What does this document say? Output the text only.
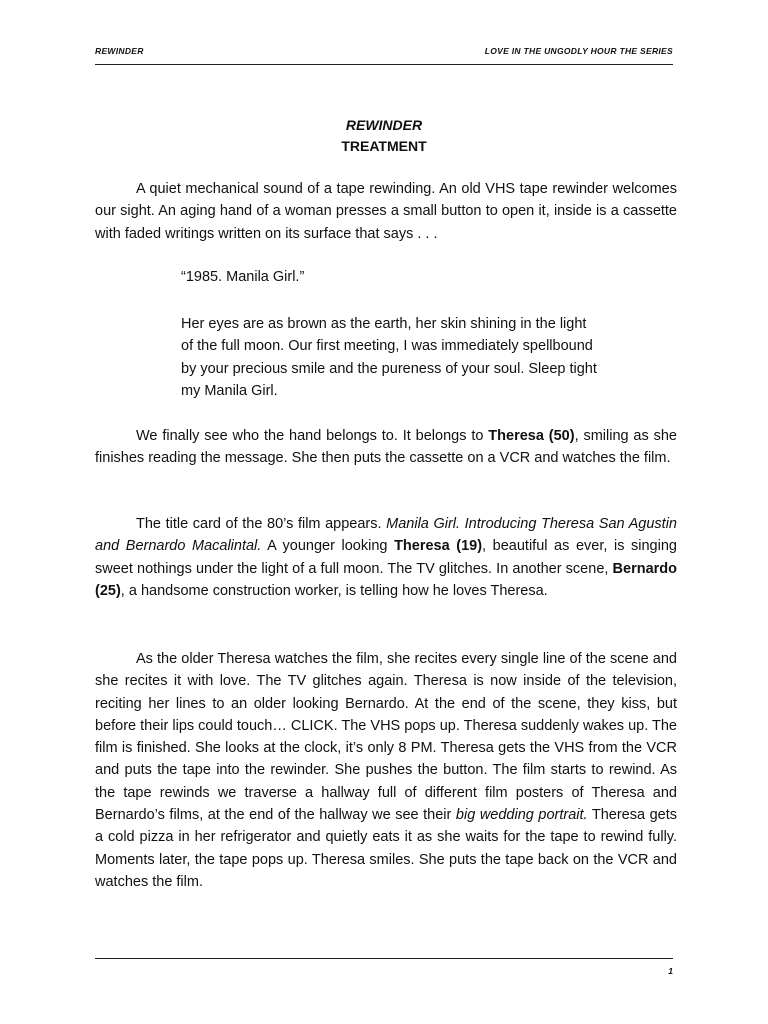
REWINDER	LOVE IN THE UNGODLY HOUR THE SERIES
REWINDER
TREATMENT

A quiet mechanical sound of a tape rewinding. An old VHS tape rewinder welcomes our sight. An aging hand of a woman presses a small button to open it, inside is a cassette with faded writings written on its surface that says . . .

“1985. Manila Girl.”
Her eyes are as brown as the earth, her skin shining in the light
of the full moon. Our first meeting, I was immediately spellbound
by your precious smile and the pureness of your soul. Sleep tight
my Manila Girl.

We finally see who the hand belongs to. It belongs to Theresa (50), smiling as she finishes reading the message. She then puts the cassette on a VCR and watches the film.

The title card of the 80’s film appears. Manila Girl. Introducing Theresa San Agustin and Bernardo Macalintal. A younger looking Theresa (19), beautiful as ever, is singing sweet nothings under the light of a full moon. The TV glitches. In another scene, Bernardo (25), a handsome construction worker, is telling how he loves Theresa.

As the older Theresa watches the film, she recites every single line of the scene and she recites it with love. The TV glitches again. Theresa is now inside of the television, reciting her lines to an older looking Bernardo. At the end of the scene, they kiss, but before their lips could touch… CLICK. The VHS pops up. Theresa suddenly wakes up. The film is finished. She looks at the clock, it’s only 8 PM. Theresa gets the VHS from the VCR and puts the tape into the rewinder. She pushes the button. The film starts to rewind. As the tape rewinds we traverse a hallway full of different film posters of Theresa and Bernardo’s films, at the end of the hallway we see their big wedding portrait. Theresa gets a cold pizza in her refrigerator and quietly eats it as she waits for the tape to rewind fully. Moments later, the tape pops up. Theresa smiles. She puts the tape back on the VCR and watches the film.

1
